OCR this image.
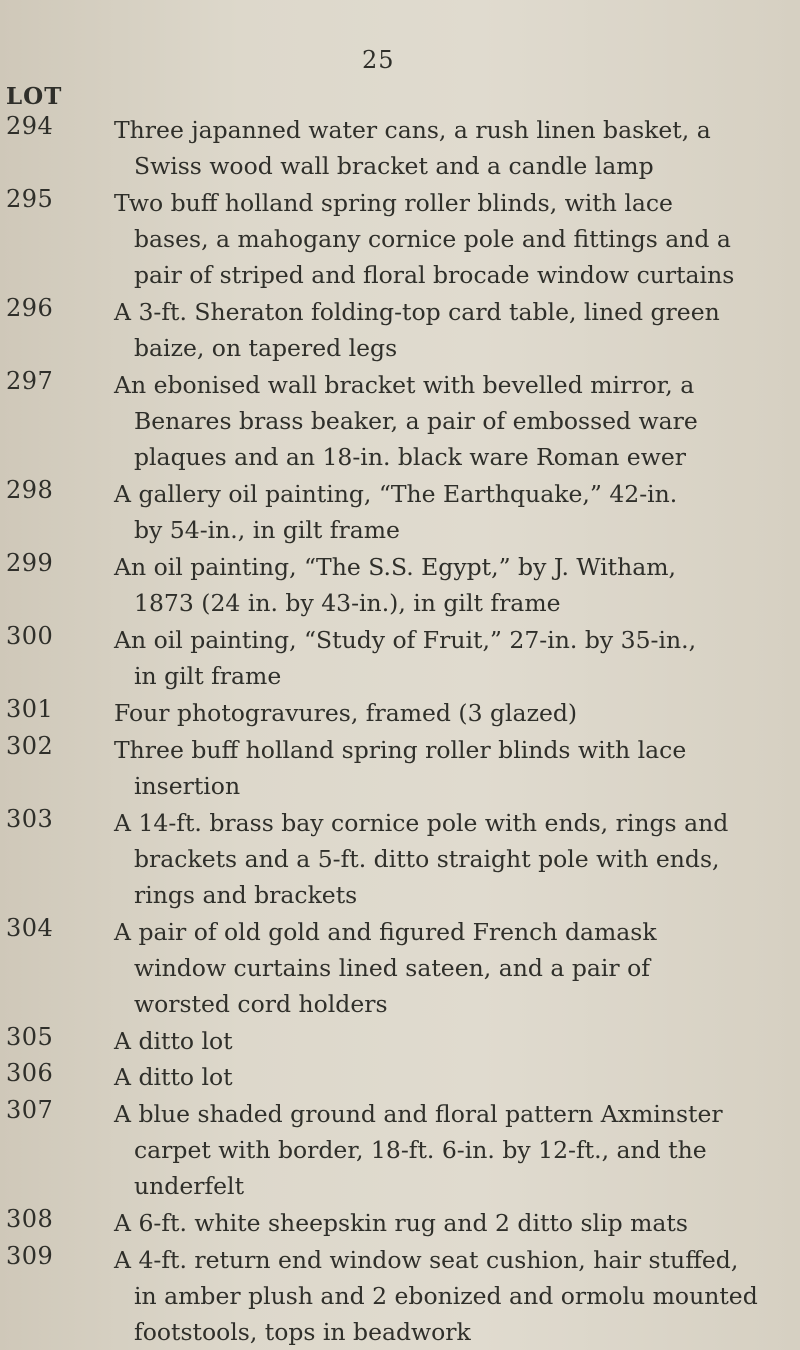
25
LOT
294	Three japanned water cans, a rush linen basket, a
Swiss wood wall bracket and a candle lamp
295	Two buff holland spring roller blinds, with lace
bases, a mahogany cornice pole and fittings and a
pair of striped and floral brocade window curtains
296	A 3-ft. Sheraton folding-top card table, lined green
baize, on tapered legs
297	An ebonised wall bracket with bevelled mirror, a
Benares brass beaker, a pair of embossed ware
plaques and an 18-in. black ware Roman ewer
298	A gallery oil painting, “The Earthquake,” 42-in.
by 54-in., in gilt frame
299	An oil painting, “The S.S. Egypt,” by J. Witham,
1873 (24 in. by 43-in.), in gilt frame
300	An oil painting, “Study of Fruit,” 27-in. by 35-in.,
in gilt frame
301	Four photogravures, framed (3 glazed)
302	Three buff holland spring roller blinds with lace
insertion
303	A 14-ft. brass bay cornice pole with ends, rings and
brackets and a 5-ft. ditto straight pole with ends,
rings and brackets
304	A pair of old gold and figured French damask
window curtains lined sateen, and a pair of
worsted cord holders
305	A ditto lot
306	A ditto lot
307	A blue shaded ground and floral pattern Axminster
carpet with border, 18-ft. 6-in. by 12-ft., and the
underfelt
308	A 6-ft. white sheepskin rug and 2 ditto slip mats
309	A 4-ft. return end window seat cushion, hair stuffed,
in amber plush and 2 ebonized and ormolu mounted
footstools, tops in beadwork
